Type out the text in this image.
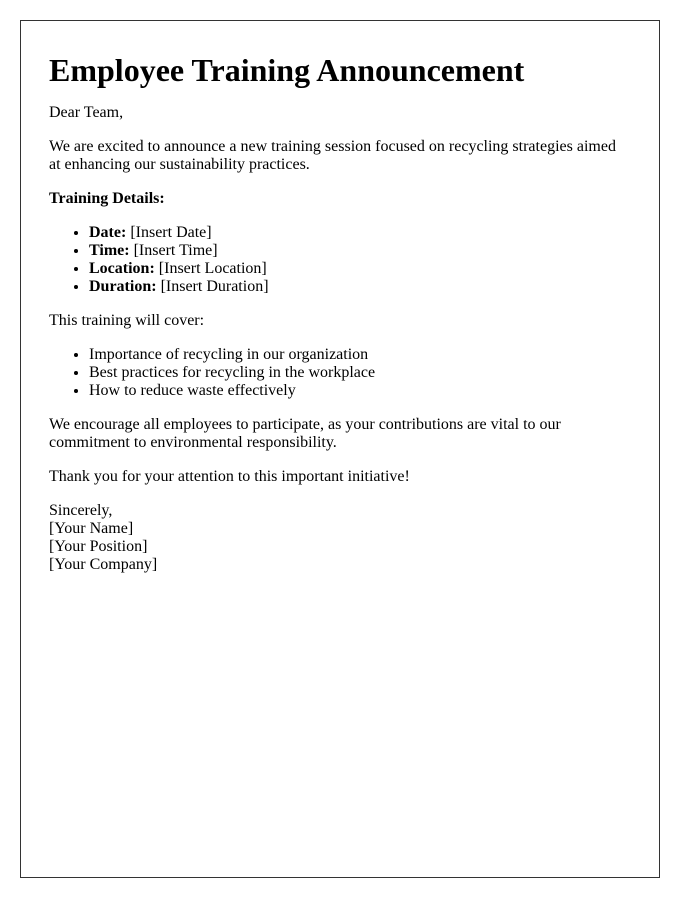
Employee Training Announcement

Dear Team,

We are excited to announce a new training session focused on recycling strategies aimed at enhancing our sustainability practices.

Training Details:

• Date: [Insert Date]
• Time: [Insert Time]
• Location: [Insert Location]
• Duration: [Insert Duration]

This training will cover:

• Importance of recycling in our organization
• Best practices for recycling in the workplace
• How to reduce waste effectively

We encourage all employees to participate, as your contributions are vital to our commitment to environmental responsibility.

Thank you for your attention to this important initiative!

Sincerely,
[Your Name]
[Your Position]
[Your Company]
